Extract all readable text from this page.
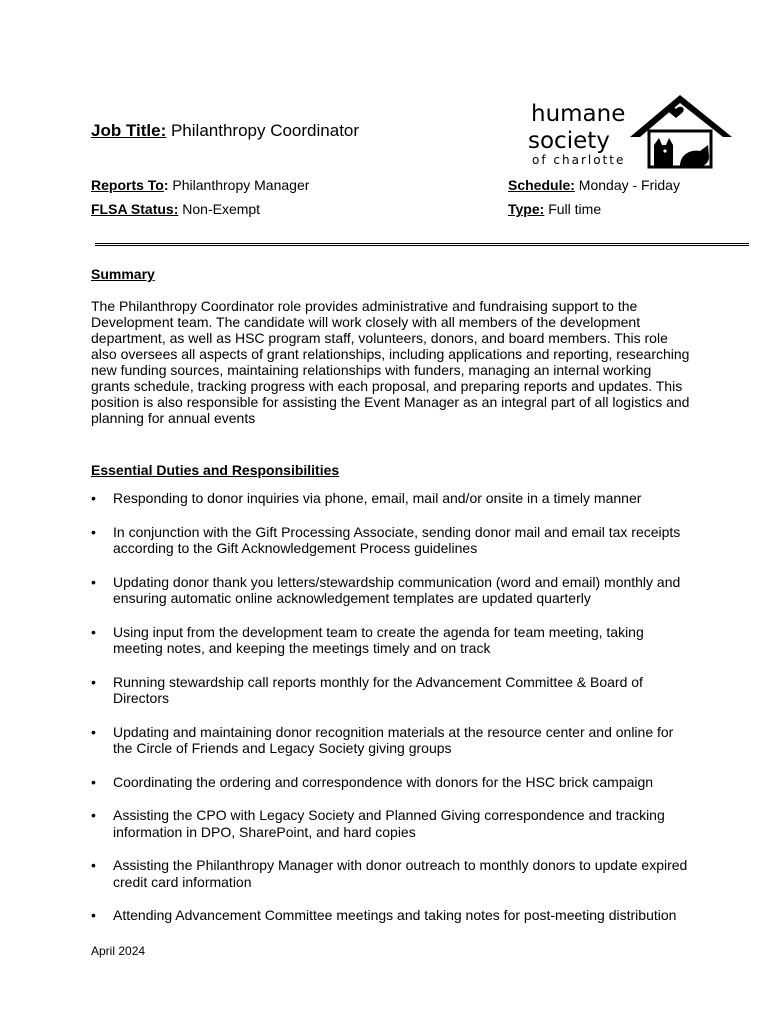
Job Title: Philanthropy Coordinator
humane
society
of charlotte
Reports To: Philanthropy Manager
FLSA Status: Non-Exempt
Schedule: Monday - Friday
Type: Full time
Summary
The Philanthropy Coordinator role provides administrative and fundraising support to the Development team. The candidate will work closely with all members of the development department, as well as HSC program staff, volunteers, donors, and board members. This role also oversees all aspects of grant relationships, including applications and reporting, researching new funding sources, maintaining relationships with funders, managing an internal working grants schedule, tracking progress with each proposal, and preparing reports and updates. This position is also responsible for assisting the Event Manager as an integral part of all logistics and planning for annual events
Essential Duties and Responsibilities
• Responding to donor inquiries via phone, email, mail and/or onsite in a timely manner
• In conjunction with the Gift Processing Associate, sending donor mail and email tax receipts according to the Gift Acknowledgement Process guidelines
• Updating donor thank you letters/stewardship communication (word and email) monthly and ensuring automatic online acknowledgement templates are updated quarterly
• Using input from the development team to create the agenda for team meeting, taking meeting notes, and keeping the meetings timely and on track
• Running stewardship call reports monthly for the Advancement Committee & Board of Directors
• Updating and maintaining donor recognition materials at the resource center and online for the Circle of Friends and Legacy Society giving groups
• Coordinating the ordering and correspondence with donors for the HSC brick campaign
• Assisting the CPO with Legacy Society and Planned Giving correspondence and tracking information in DPO, SharePoint, and hard copies
• Assisting the Philanthropy Manager with donor outreach to monthly donors to update expired credit card information
• Attending Advancement Committee meetings and taking notes for post-meeting distribution
April 2024
